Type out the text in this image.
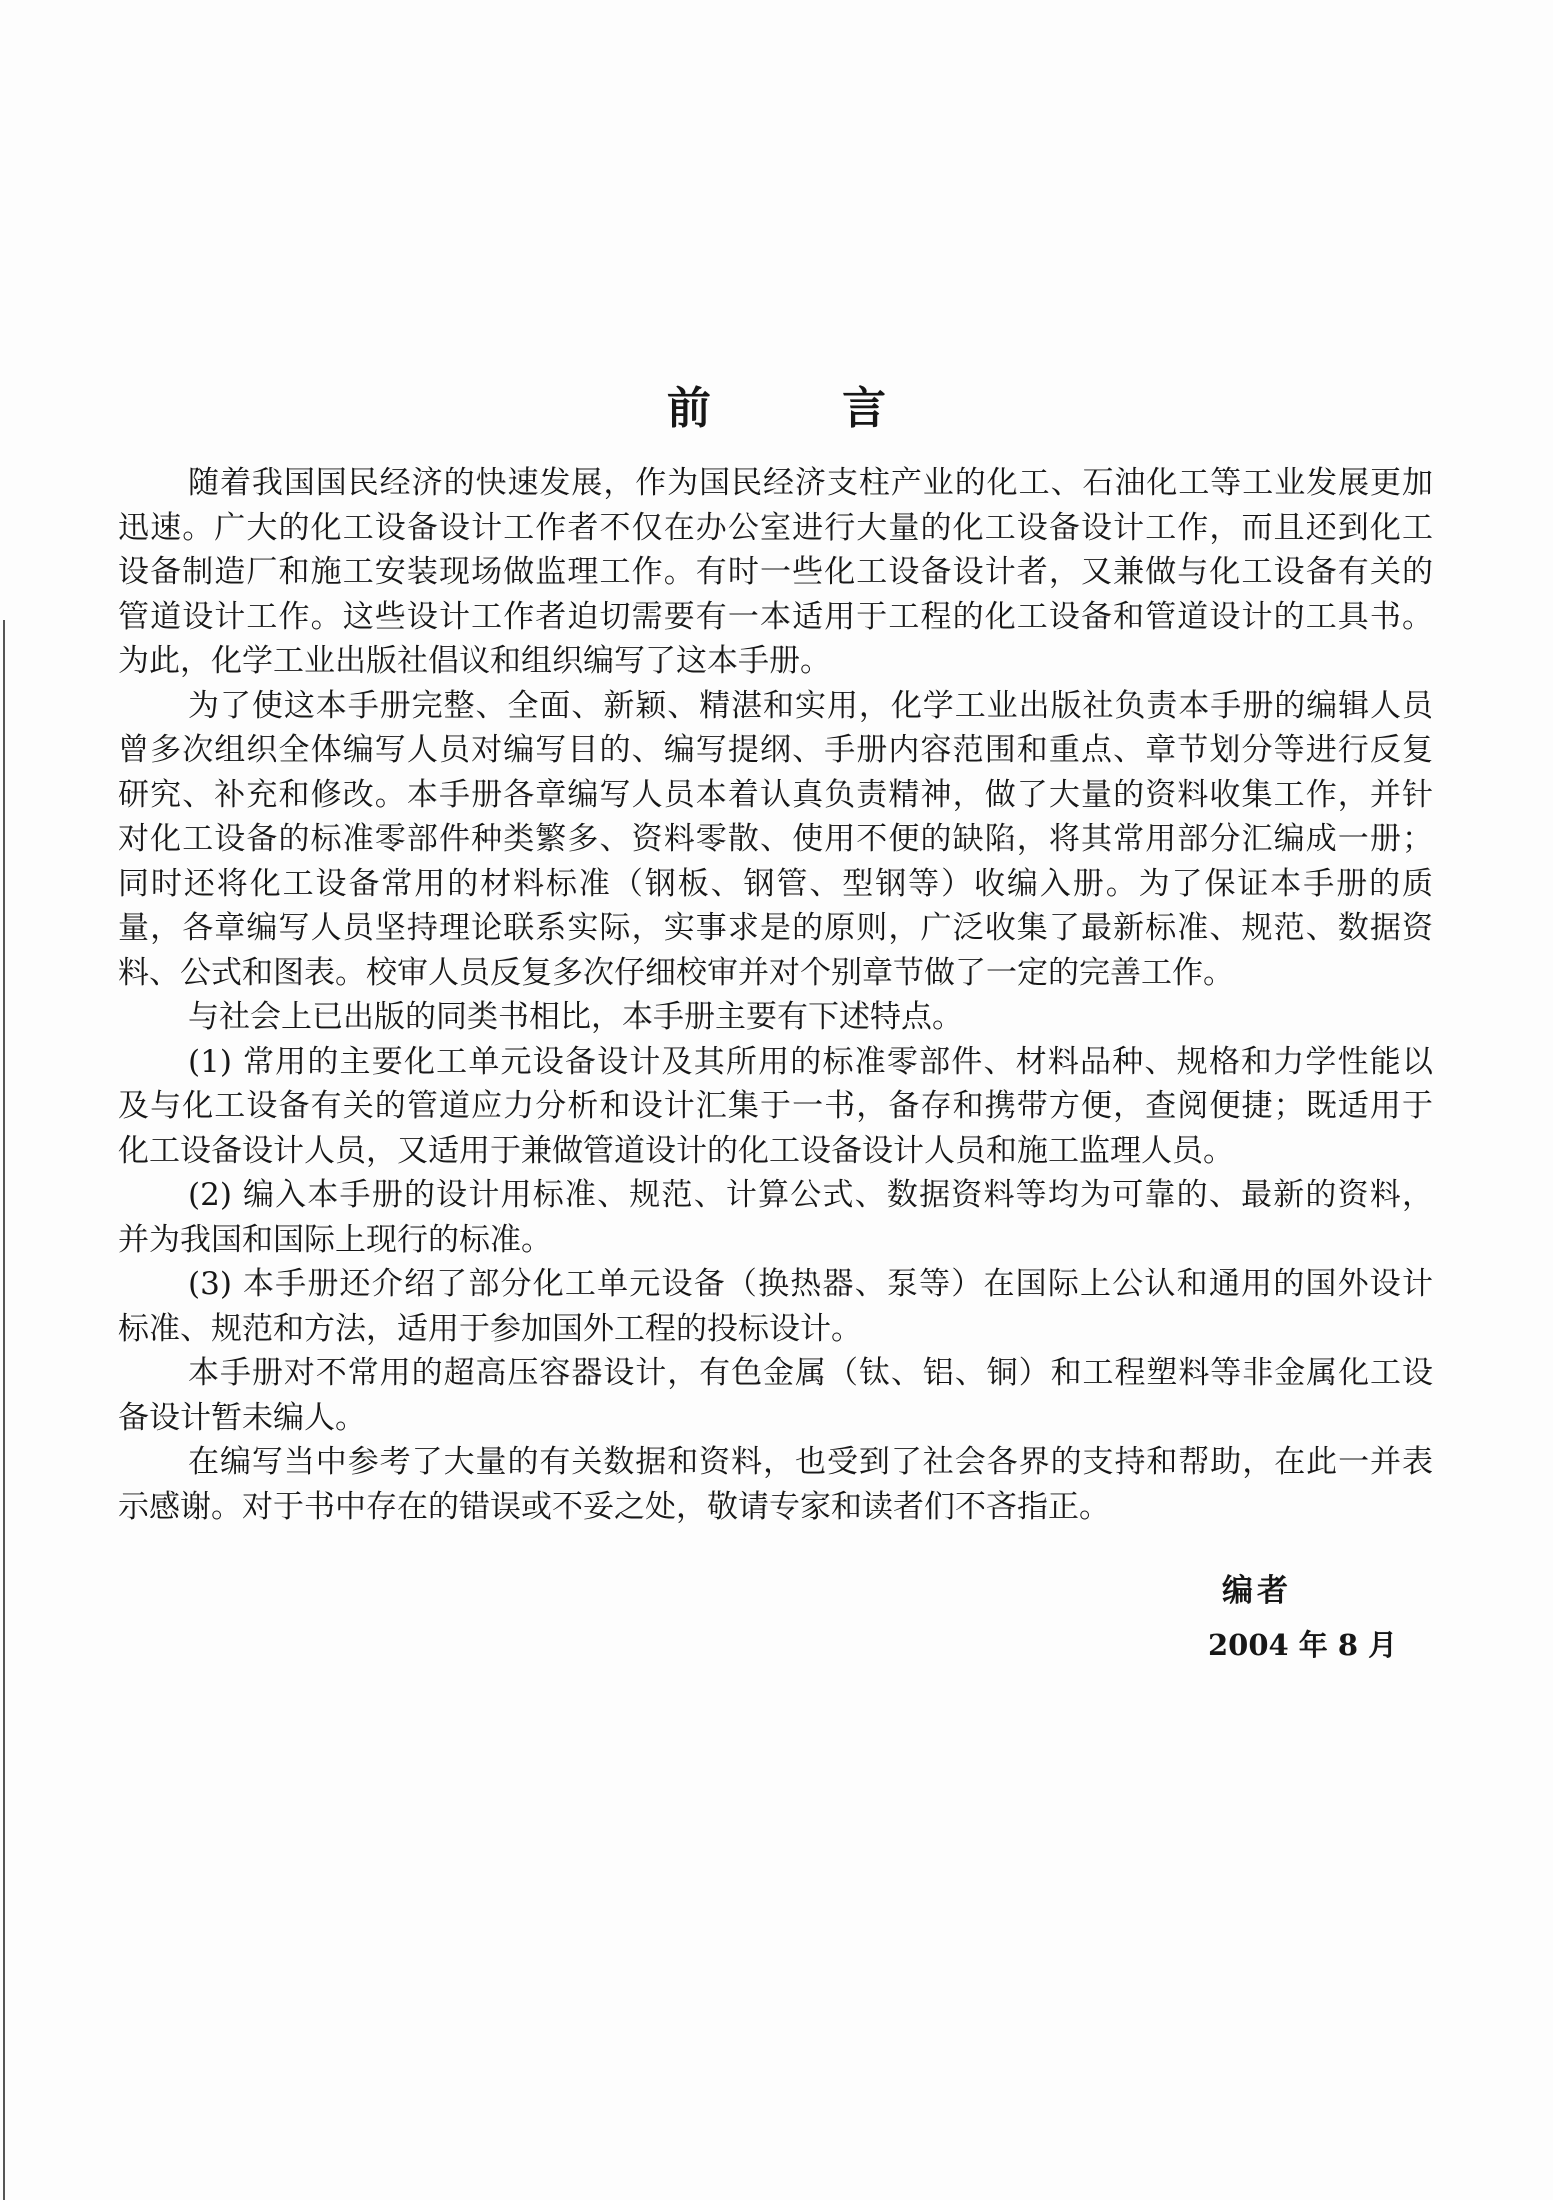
前 言
随着我国国民经济的快速发展，作为国民经济支柱产业的化工、石油化工等工业发展更加
迅速。广大的化工设备设计工作者不仅在办公室进行大量的化工设备设计工作，而且还到化工
设备制造厂和施工安装现场做监理工作。有时一些化工设备设计者，又兼做与化工设备有关的
管道设计工作。这些设计工作者迫切需要有一本适用于工程的化工设备和管道设计的工具书。
为此，化学工业出版社倡议和组织编写了这本手册。
为了使这本手册完整、全面、新颖、精湛和实用，化学工业出版社负责本手册的编辑人员
曾多次组织全体编写人员对编写目的、编写提纲、手册内容范围和重点、章节划分等进行反复
研究、补充和修改。本手册各章编写人员本着认真负责精神，做了大量的资料收集工作，并针
对化工设备的标准零部件种类繁多、资料零散、使用不便的缺陷，将其常用部分汇编成一册；
同时还将化工设备常用的材料标准（钢板、钢管、型钢等）收编入册。为了保证本手册的质
量，各章编写人员坚持理论联系实际，实事求是的原则，广泛收集了最新标准、规范、数据资
料、公式和图表。校审人员反复多次仔细校审并对个别章节做了一定的完善工作。
与社会上已出版的同类书相比，本手册主要有下述特点。
(1) 常用的主要化工单元设备设计及其所用的标准零部件、材料品种、规格和力学性能以
及与化工设备有关的管道应力分析和设计汇集于一书，备存和携带方便，查阅便捷；既适用于
化工设备设计人员，又适用于兼做管道设计的化工设备设计人员和施工监理人员。
(2) 编入本手册的设计用标准、规范、计算公式、数据资料等均为可靠的、最新的资料，
并为我国和国际上现行的标准。
(3) 本手册还介绍了部分化工单元设备（换热器、泵等）在国际上公认和通用的国外设计
标准、规范和方法，适用于参加国外工程的投标设计。
本手册对不常用的超高压容器设计，有色金属（钛、铝、铜）和工程塑料等非金属化工设
备设计暂未编人。
在编写当中参考了大量的有关数据和资料，也受到了社会各界的支持和帮助，在此一并表
示感谢。对于书中存在的错误或不妥之处，敬请专家和读者们不吝指正。
编者
2004 年 8 月
